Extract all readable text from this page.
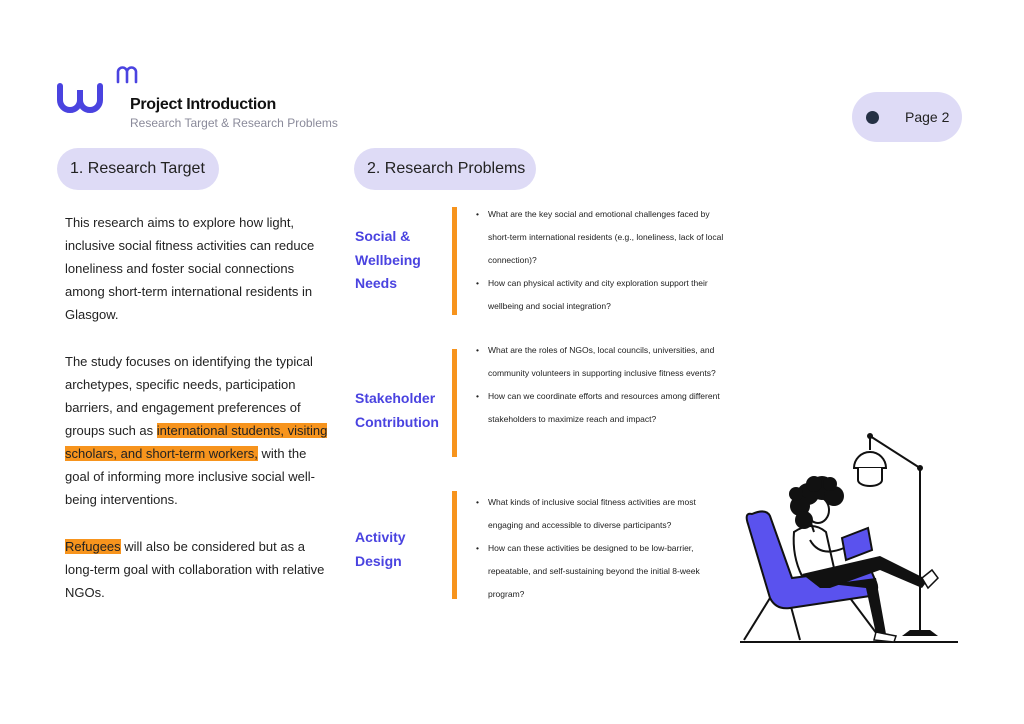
Project Introduction
Research Target & Research Problems	Page 2
1. Research Target

This research aims to explore how light, inclusive social fitness activities can reduce loneliness and foster social connections among short-term international residents in Glasgow.

The study focuses on identifying the typical archetypes, specific needs, participation barriers, and engagement preferences of groups such as international students, visiting scholars, and short-term workers, with the goal of informing more inclusive social well-being interventions.

Refugees will also be considered but as a long-term goal with collaboration with relative NGOs.

2. Research Problems
Social & Wellbeing Needs
• What are the key social and emotional challenges faced by short-term international residents (e.g., loneliness, lack of local connection)?
• How can physical activity and city exploration support their wellbeing and social integration?
Stakeholder Contribution
• What are the roles of NGOs, local councils, universities, and community volunteers in supporting inclusive fitness events?
• How can we coordinate efforts and resources among different stakeholders to maximize reach and impact?
Activity Design
• What kinds of inclusive social fitness activities are most engaging and accessible to diverse participants?
• How can these activities be designed to be low-barrier, repeatable, and self-sustaining beyond the initial 8-week program?
